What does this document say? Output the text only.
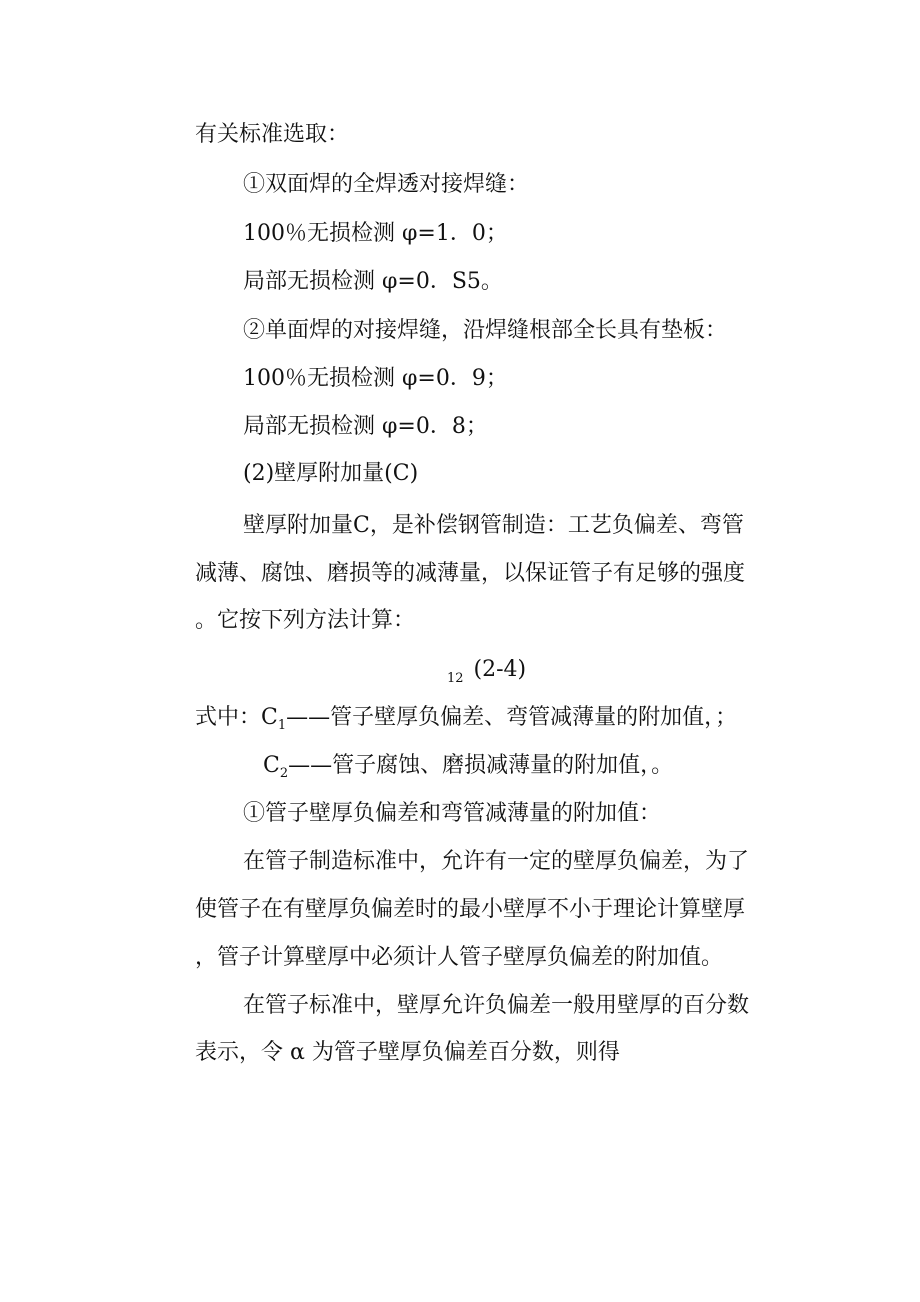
有关标准选取：
①双面焊的全焊透对接焊缝：
100％无损检测 φ=1．0；
局部无损检测 φ=0．S5。
②单面焊的对接焊缝，沿焊缝根部全长具有垫板：
100％无损检测 φ=0．9；
局部无损检测 φ=0．8；
(2)壁厚附加量(C)
壁厚附加量C，是补偿钢管制造：工艺负偏差、弯管
减薄、腐蚀、磨损等的减薄量，以保证管子有足够的强度
。它按下列方法计算：
$_{12}$ (2-4)
式中：$C_1——$管子壁厚负偏差、弯管减薄量的附加值，；
$C_2——$管子腐蚀、磨损减薄量的附加值，。
①管子壁厚负偏差和弯管减薄量的附加值：
在管子制造标准中，允许有一定的壁厚负偏差，为了
使管子在有壁厚负偏差时的最小壁厚不小于理论计算壁厚
，管子计算壁厚中必须计人管子壁厚负偏差的附加值。
在管子标准中，壁厚允许负偏差一般用壁厚的百分数
表示，令 α 为管子壁厚负偏差百分数，则得
